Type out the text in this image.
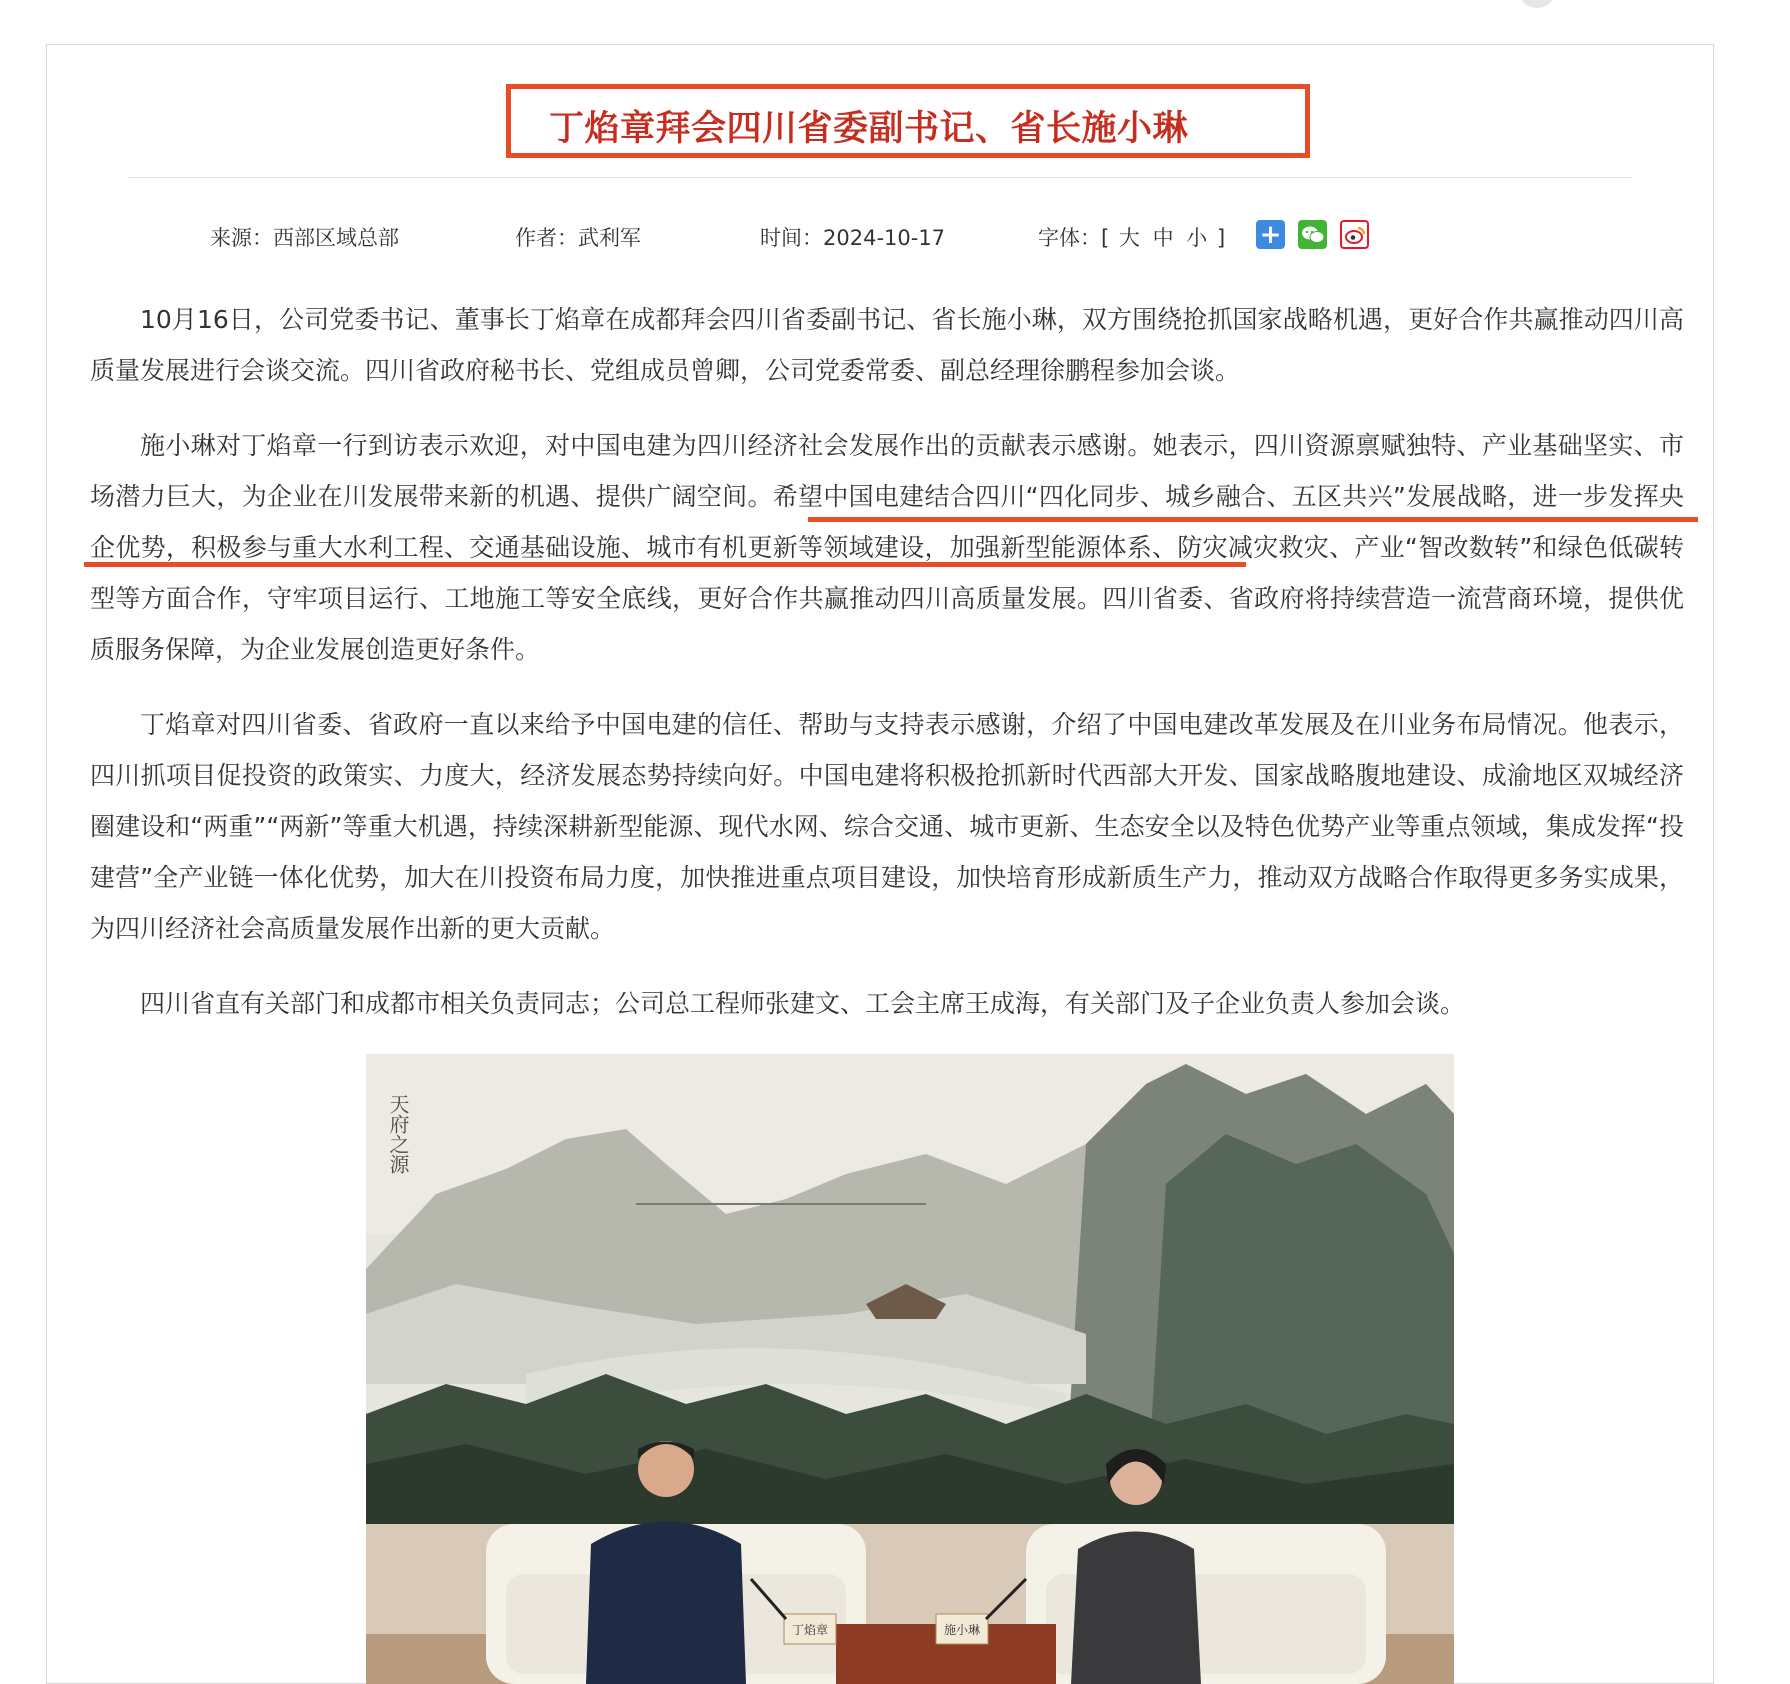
丁焰章拜会四川省委副书记、省长施小琳
来源：西部区域总部	作者：武利军	时间：2024-10-17	字体：[ 大 中 小 ] +

10月16日，公司党委书记、董事长丁焰章在成都拜会四川省委副书记、省长施小琳，双方围绕抢抓国家战略机遇，更好合作共赢推动四川高质量发展进行会谈交流。四川省政府秘书长、党组成员曾卿，公司党委常委、副总经理徐鹏程参加会谈。

施小琳对丁焰章一行到访表示欢迎，对中国电建为四川经济社会发展作出的贡献表示感谢。她表示，四川资源禀赋独特、产业基础坚实、市场潜力巨大，为企业在川发展带来新的机遇、提供广阔空间。希望中国电建结合四川“四化同步、城乡融合、五区共兴”发展战略，进一步发挥央企优势，积极参与重大水利工程、交通基础设施、城市有机更新等领域建设，加强新型能源体系、防灾减灾救灾、产业“智改数转”和绿色低碳转型等方面合作，守牢项目运行、工地施工等安全底线，更好合作共赢推动四川高质量发展。四川省委、省政府将持续营造一流营商环境，提供优质服务保障，为企业发展创造更好条件。

丁焰章对四川省委、省政府一直以来给予中国电建的信任、帮助与支持表示感谢，介绍了中国电建改革发展及在川业务布局情况。他表示，四川抓项目促投资的政策实、力度大，经济发展态势持续向好。中国电建将积极抢抓新时代西部大开发、国家战略腹地建设、成渝地区双城经济圈建设和“两重”“两新”等重大机遇，持续深耕新型能源、现代水网、综合交通、城市更新、生态安全以及特色优势产业等重点领域，集成发挥“投建营”全产业链一体化优势，加大在川投资布局力度，加快推进重点项目建设，加快培育形成新质生产力，推动双方战略合作取得更多务实成果，为四川经济社会高质量发展作出新的更大贡献。

四川省直有关部门和成都市相关负责同志；公司总工程师张建文、工会主席王成海，有关部门及子企业负责人参加会谈。

天府之源
丁焰章	施小琳
